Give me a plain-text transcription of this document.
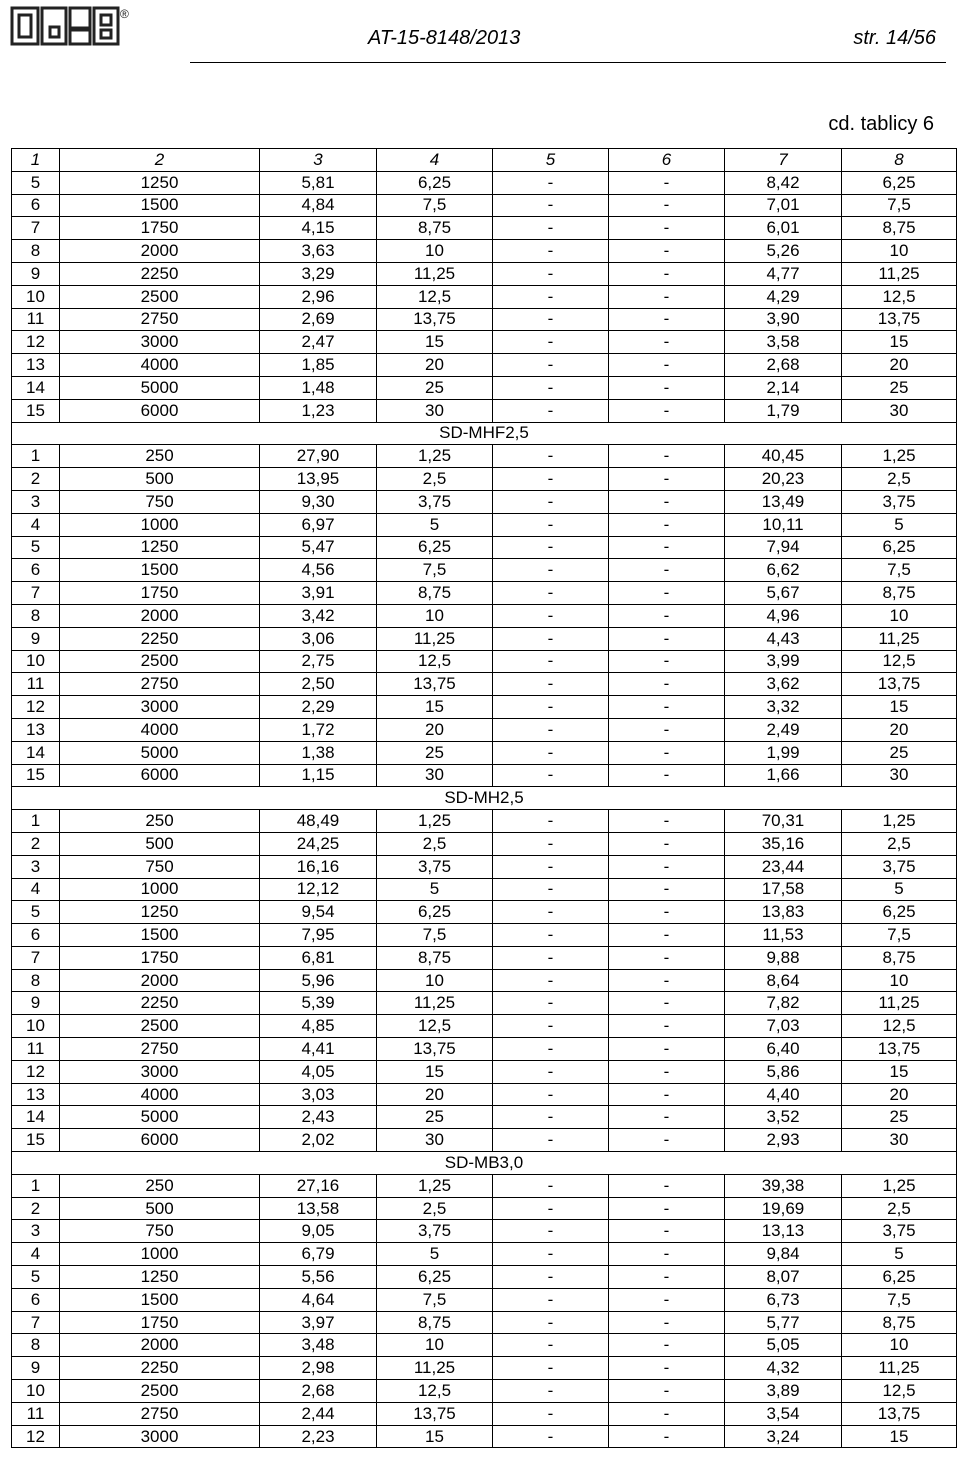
®
AT-15-8148/2013	str. 14/56
cd. tablicy 6
1	2	3	4	5	6	7	8
5	1250	5,81	6,25	-	-	8,42	6,25
6	1500	4,84	7,5	-	-	7,01	7,5
7	1750	4,15	8,75	-	-	6,01	8,75
8	2000	3,63	10	-	-	5,26	10
9	2250	3,29	11,25	-	-	4,77	11,25
10	2500	2,96	12,5	-	-	4,29	12,5
11	2750	2,69	13,75	-	-	3,90	13,75
12	3000	2,47	15	-	-	3,58	15
13	4000	1,85	20	-	-	2,68	20
14	5000	1,48	25	-	-	2,14	25
15	6000	1,23	30	-	-	1,79	30
SD-MHF2,5							
1	250	27,90	1,25	-	-	40,45	1,25
2	500	13,95	2,5	-	-	20,23	2,5
3	750	9,30	3,75	-	-	13,49	3,75
4	1000	6,97	5	-	-	10,11	5
5	1250	5,47	6,25	-	-	7,94	6,25
6	1500	4,56	7,5	-	-	6,62	7,5
7	1750	3,91	8,75	-	-	5,67	8,75
8	2000	3,42	10	-	-	4,96	10
9	2250	3,06	11,25	-	-	4,43	11,25
10	2500	2,75	12,5	-	-	3,99	12,5
11	2750	2,50	13,75	-	-	3,62	13,75
12	3000	2,29	15	-	-	3,32	15
13	4000	1,72	20	-	-	2,49	20
14	5000	1,38	25	-	-	1,99	25
15	6000	1,15	30	-	-	1,66	30
SD-MH2,5							
1	250	48,49	1,25	-	-	70,31	1,25
2	500	24,25	2,5	-	-	35,16	2,5
3	750	16,16	3,75	-	-	23,44	3,75
4	1000	12,12	5	-	-	17,58	5
5	1250	9,54	6,25	-	-	13,83	6,25
6	1500	7,95	7,5	-	-	11,53	7,5
7	1750	6,81	8,75	-	-	9,88	8,75
8	2000	5,96	10	-	-	8,64	10
9	2250	5,39	11,25	-	-	7,82	11,25
10	2500	4,85	12,5	-	-	7,03	12,5
11	2750	4,41	13,75	-	-	6,40	13,75
12	3000	4,05	15	-	-	5,86	15
13	4000	3,03	20	-	-	4,40	20
14	5000	2,43	25	-	-	3,52	25
15	6000	2,02	30	-	-	2,93	30
SD-MB3,0							
1	250	27,16	1,25	-	-	39,38	1,25
2	500	13,58	2,5	-	-	19,69	2,5
3	750	9,05	3,75	-	-	13,13	3,75
4	1000	6,79	5	-	-	9,84	5
5	1250	5,56	6,25	-	-	8,07	6,25
6	1500	4,64	7,5	-	-	6,73	7,5
7	1750	3,97	8,75	-	-	5,77	8,75
8	2000	3,48	10	-	-	5,05	10
9	2250	2,98	11,25	-	-	4,32	11,25
10	2500	2,68	12,5	-	-	3,89	12,5
11	2750	2,44	13,75	-	-	3,54	13,75
12	3000	2,23	15	-	-	3,24	15
